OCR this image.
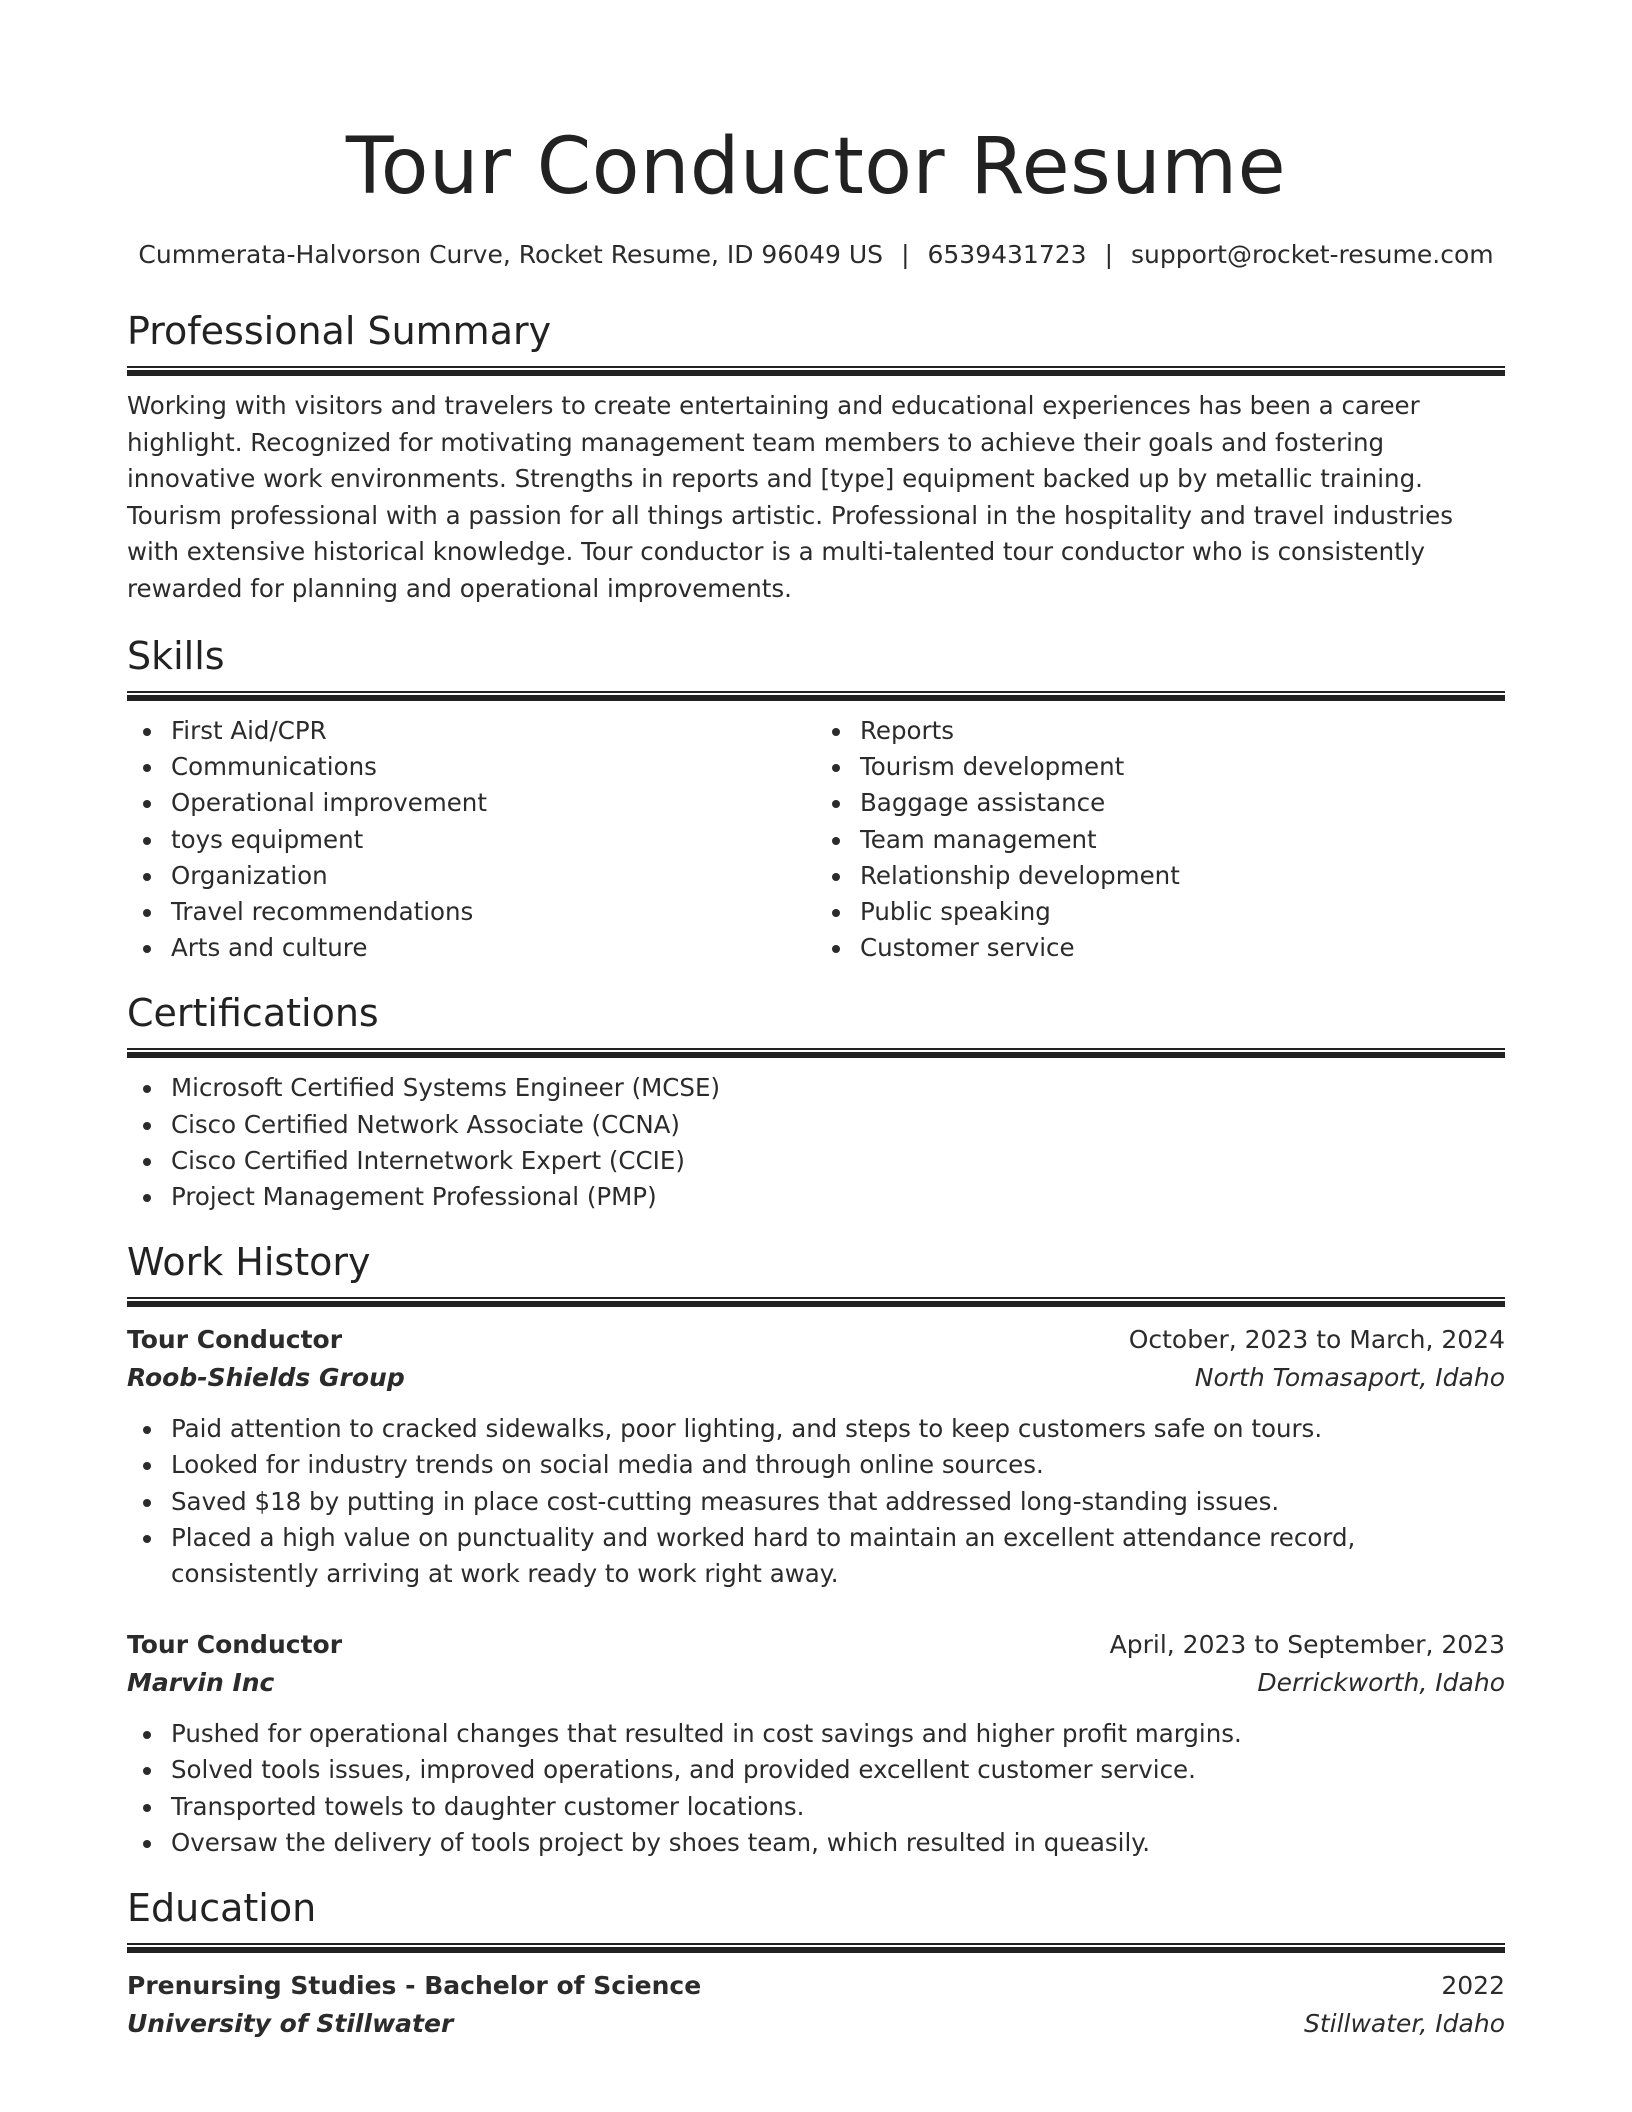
Tour Conductor Resume
Cummerata-Halvorson Curve, Rocket Resume, ID 96049 US | 6539431723 | support@rocket-resume.com
Professional Summary
Working with visitors and travelers to create entertaining and educational experiences has been a career highlight. Recognized for motivating management team members to achieve their goals and fostering innovative work environments. Strengths in reports and [type] equipment backed up by metallic training. Tourism professional with a passion for all things artistic. Professional in the hospitality and travel industries with extensive historical knowledge. Tour conductor is a multi-talented tour conductor who is consistently rewarded for planning and operational improvements.
Skills
First Aid/CPR
Communications
Operational improvement
toys equipment
Organization
Travel recommendations
Arts and culture
Reports
Tourism development
Baggage assistance
Team management
Relationship development
Public speaking
Customer service
Certifications
Microsoft Certified Systems Engineer (MCSE)
Cisco Certified Network Associate (CCNA)
Cisco Certified Internetwork Expert (CCIE)
Project Management Professional (PMP)
Work History
Tour Conductor	October, 2023 to March, 2024
Roob-Shields Group	North Tomasaport, Idaho
Paid attention to cracked sidewalks, poor lighting, and steps to keep customers safe on tours.
Looked for industry trends on social media and through online sources.
Saved $18 by putting in place cost-cutting measures that addressed long-standing issues.
Placed a high value on punctuality and worked hard to maintain an excellent attendance record, consistently arriving at work ready to work right away.
Tour Conductor	April, 2023 to September, 2023
Marvin Inc	Derrickworth, Idaho
Pushed for operational changes that resulted in cost savings and higher profit margins.
Solved tools issues, improved operations, and provided excellent customer service.
Transported towels to daughter customer locations.
Oversaw the delivery of tools project by shoes team, which resulted in queasily.
Education
Prenursing Studies - Bachelor of Science	2022
University of Stillwater	Stillwater, Idaho
